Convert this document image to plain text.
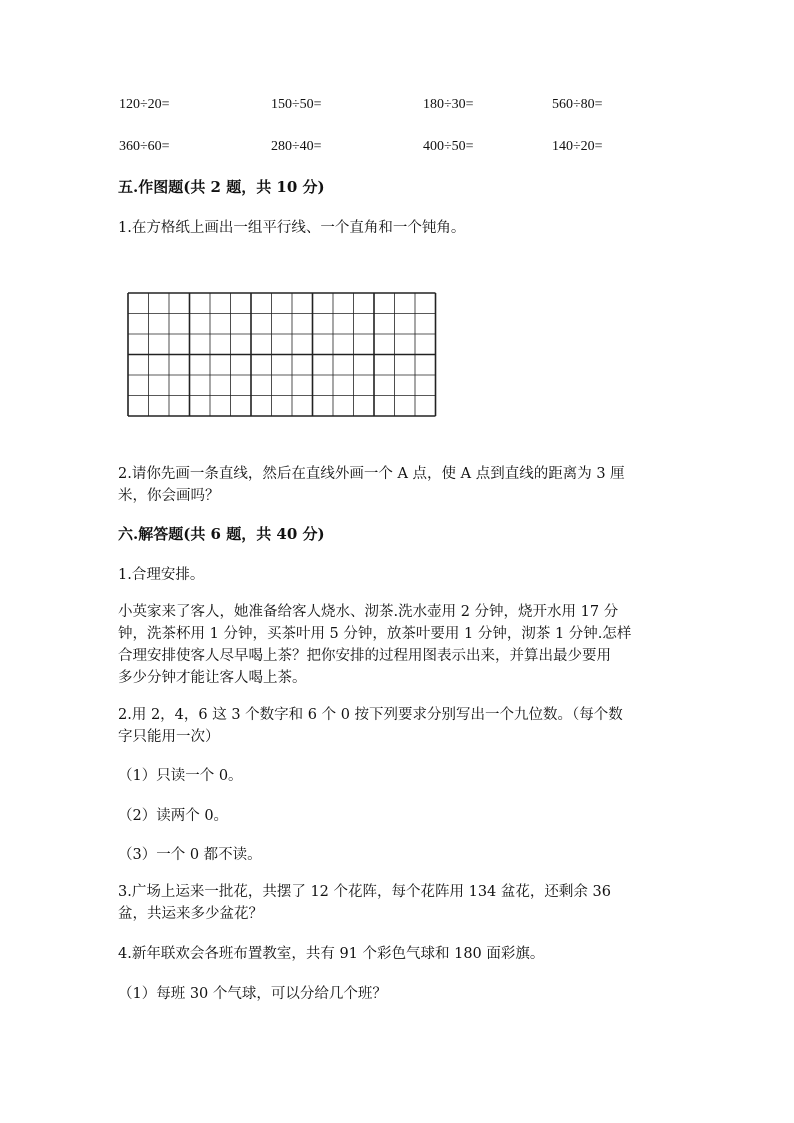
120÷20=	150÷50=	180÷30=	560÷80=
360÷60=	280÷40=	400÷50=	140÷20=
五.作图题(共 2 题，共 10 分)
1.在方格纸上画出一组平行线、一个直角和一个钝角。
2.请你先画一条直线，然后在直线外画一个 A 点，使 A 点到直线的距离为 3 厘
米，你会画吗？
六.解答题(共 6 题，共 40 分)
1.合理安排。
小英家来了客人，她准备给客人烧水、沏茶.洗水壶用 2 分钟，烧开水用 17 分
钟，洗茶杯用 1 分钟，买茶叶用 5 分钟，放茶叶要用 1 分钟，沏茶 1 分钟.怎样
合理安排使客人尽早喝上茶？把你安排的过程用图表示出来，并算出最少要用
多少分钟才能让客人喝上茶。
2.用 2，4，6 这 3 个数字和 6 个 0 按下列要求分别写出一个九位数。（每个数
字只能用一次）
（1）只读一个 0。
（2）读两个 0。
（3）一个 0 都不读。
3.广场上运来一批花，共摆了 12 个花阵，每个花阵用 134 盆花，还剩余 36
盆，共运来多少盆花？
4.新年联欢会各班布置教室，共有 91 个彩色气球和 180 面彩旗。
（1）每班 30 个气球，可以分给几个班？
